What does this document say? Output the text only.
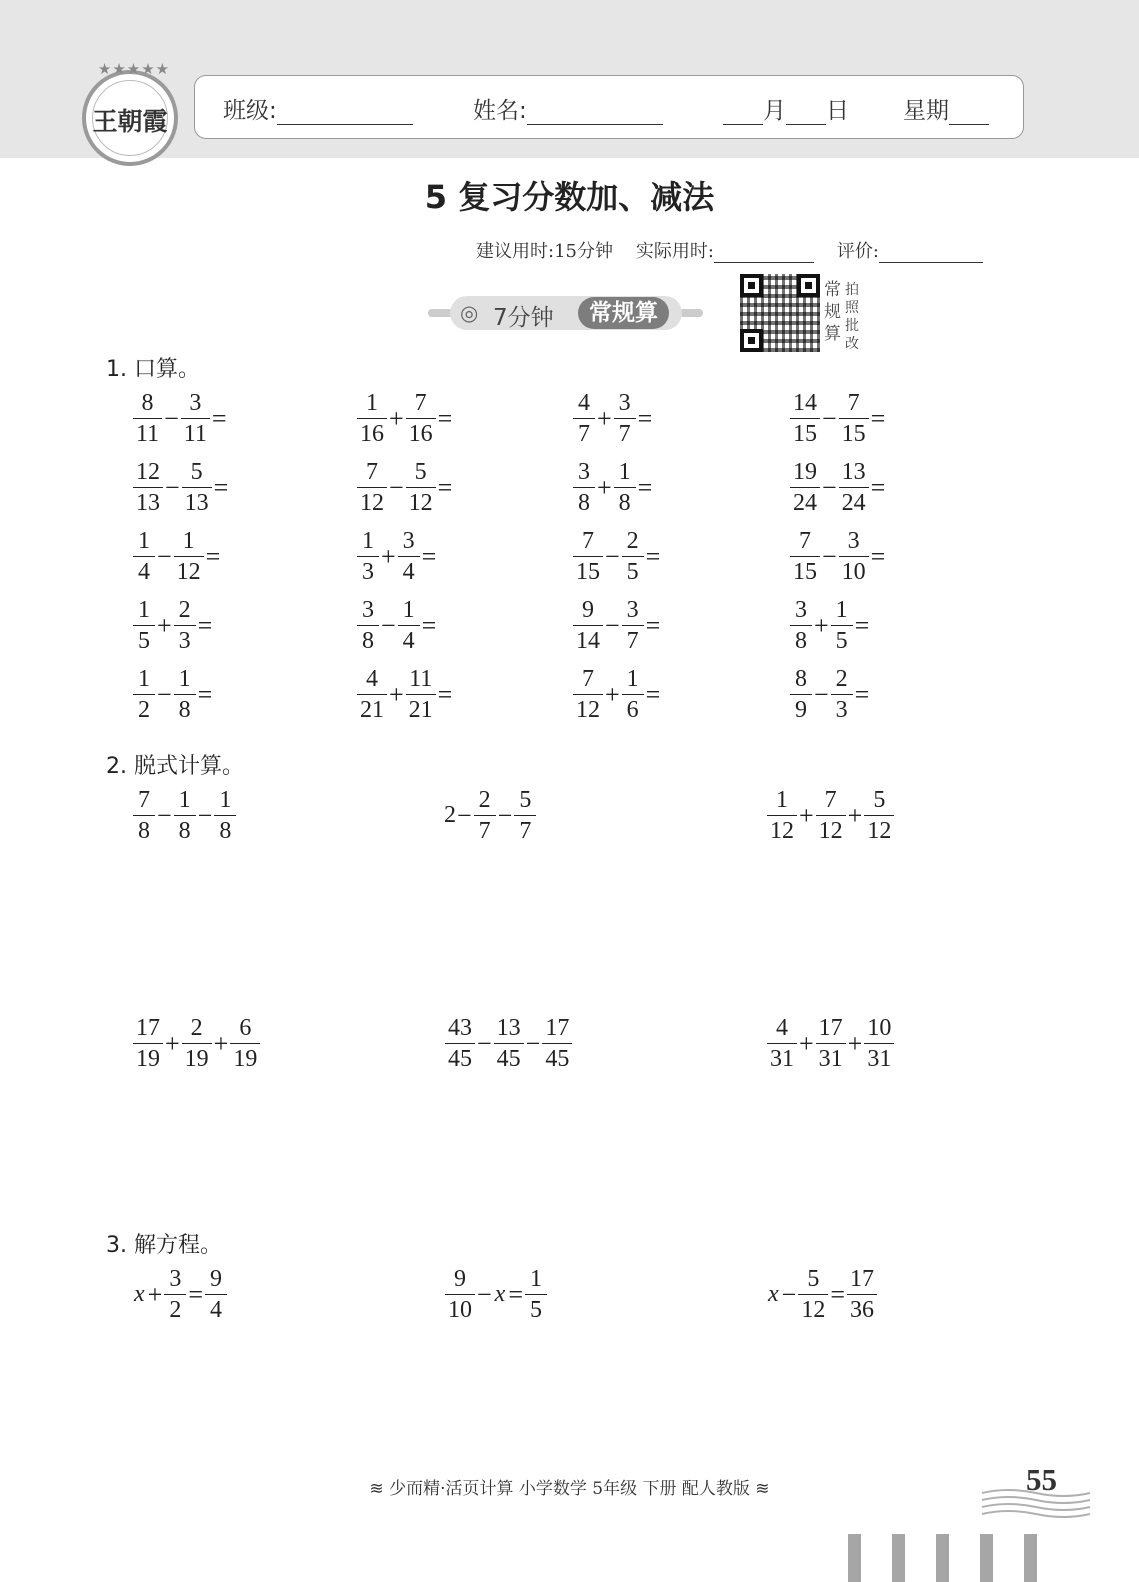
★★★★★
王朝霞 班级:	姓名:	月 日 星期
5 复习分数加、减法
建议用时:15分钟 实际用时:	评价:
◎ 7分钟	常规算
常规算
拍照批改
1. 口算。
2. 脱式计算。
3. 解方程。
$\frac{8}{11} - \frac{3}{11}$ =	$\frac{1}{16} + \frac{7}{16}$ =	$\frac{4}{7} + \frac{3}{7}$ =	$\frac{14}{15} - \frac{7}{15}$ =
$\frac{12}{13} - \frac{5}{13}$ =	$\frac{7}{12} - \frac{5}{12}$ =	$\frac{3}{8} + \frac{1}{8}$ =	$\frac{19}{24} - \frac{13}{24}$ =
$\frac{1}{4} - \frac{1}{12}$ =	$\frac{1}{3} + \frac{3}{4}$ =	$\frac{7}{15} - \frac{2}{5}$ =	$\frac{7}{15} - \frac{3}{10}$ =
$\frac{1}{5} + \frac{2}{3}$ =	$\frac{3}{8} - \frac{1}{4}$ =	$\frac{9}{14} - \frac{3}{7}$ =	$\frac{3}{8} + \frac{1}{5}$ =
$\frac{1}{2} - \frac{1}{8}$ =	$\frac{4}{21} + \frac{11}{21}$ =	$\frac{7}{12} + \frac{1}{6}$ =	$\frac{8}{9} - \frac{2}{3}$ =
$\frac{7}{8} - \frac{1}{8} - \frac{1}{8}$	$2 - \frac{2}{7} - \frac{5}{7}$	$\frac{1}{12} + \frac{7}{12} + \frac{5}{12}$
$\frac{17}{19} + \frac{2}{19} + \frac{6}{19}$	$\frac{43}{45} - \frac{13}{45} - \frac{17}{45}$	$\frac{4}{31} + \frac{17}{31} + \frac{10}{31}$
$x + \frac{3}{2} = \frac{9}{4}$	$\frac{9}{10} - x = \frac{1}{5}$	$x - \frac{5}{12} = \frac{17}{36}$
≋ 少而精·活页计算 小学数学 5年级 下册 配人教版 ≋	55
